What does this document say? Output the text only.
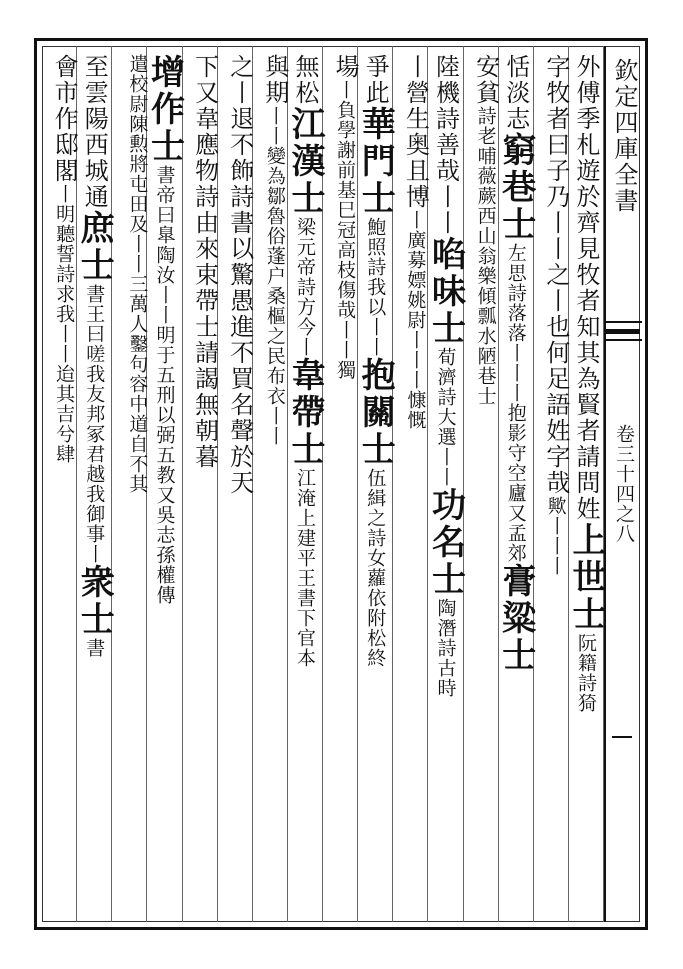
欽定四庫全書
卷三十四之八
外傅季札遊於齊見牧者知其為賢者請問姓上世士阮籍詩猗
字牧者曰子乃丨丨之丨也何足語姓字哉歟丨丨丨
恬淡志窮巷士左思詩落落丨丨丨抱影守空廬又孟郊膏粱士
安貧詩老哺薇蕨西山翁樂傾瓢水陋巷士
陸機詩善哉丨丨啗味士荀濟詩大選丨丨功名士陶潛詩古時
丨營生奥且博丨廣募嫖姚尉丨丨丨慷慨
爭此華門士鮑照詩我以丨丨抱關士伍緝之詩女蘿依附松終
場丨負學謝前基巳冠高枝傷哉丨丨獨
無松江漢士梁元帝詩方今丨韋帶士江淹上建平王書下官本
與期丨丨變為鄒魯俗蓬户桑樞之民布衣丨丨
之丨退不飾詩書以驚愚進不買名聲於天
下又韋應物詩由來束帶士請謁無朝暮
增作士書帝曰臯陶汝丨丨明于五刑以弼五教又吳志孫權傳
遣校尉陳勲將屯田及丨丨三萬人鑿句容中道自不其
至雲陽西城通庶士書王曰嗟我友邦冢君越我御事丨衆士書
會市作邸閣丨明聽誓詩求我丨丨迨其吉兮肆
